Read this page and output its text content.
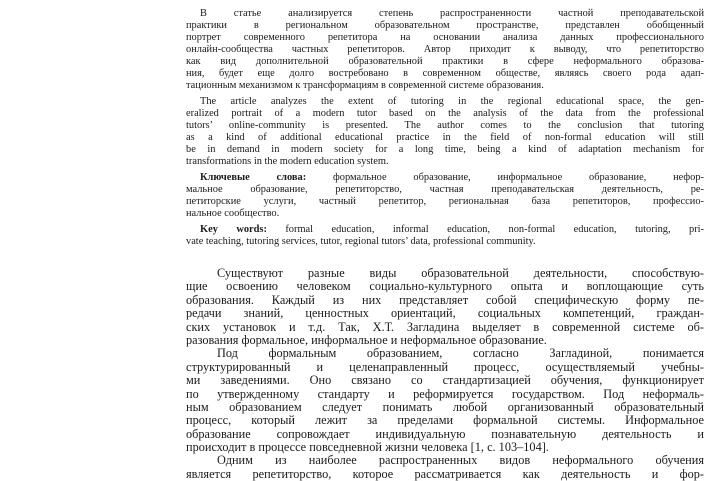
В статье анализируется степень распространенности частной преподавательской
практики в региональном образовательном пространстве, представлен обобщенный
портрет современного репетитора на основании анализа данных профессионального
онлайн-сообщества частных репетиторов. Автор приходит к выводу, что репетиторство
как вид дополнительной образовательной практики в сфере неформального образова-
ния, будет еще долго востребовано в современном обществе, являясь своего рода адап-
тационным механизмом к трансформациям в современной системе образования.
The article analyzes the extent of tutoring in the regional educational space, the gen-
eralized portrait of a modern tutor based on the analysis of the data from the professional
tutors’ online-community is presented. The author comes to the conclusion that tutoring
as a kind of additional educational practice in the field of non-formal education will still
be in demand in modern society for a long time, being a kind of adaptation mechanism for
transformations in the modern education system.
Ключевые слова: формальное образование, информальное образование, нефор-
мальное образование, репетиторство, частная преподавательская деятельность, ре-
петиторские услуги, частный репетитор, региональная база репетиторов, профессио-
нальное сообщество.
Key words: formal education, informal education, non-formal education, tutoring, pri-
vate teaching, tutoring services, tutor, regional tutors’ data, professional community.
Существуют разные виды образовательной деятельности, способствую-
щие освоению человеком социально-культурного опыта и воплощающие суть
образования. Каждый из них представляет собой специфическую форму пе-
редачи знаний, ценностных ориентаций, социальных компетенций, граждан-
ских установок и т.д. Так, Х.Т. Загладина выделяет в современной системе об-
разования формальное, информальное и неформальное образование.
Под формальным образованием, согласно Загладиной, понимается
структурированный и целенаправленный процесс, осуществляемый учебны-
ми заведениями. Оно связано со стандартизацией обучения, функционирует
по утвержденному стандарту и реформируется государством. Под неформаль-
ным образованием следует понимать любой организованный образовательный
процесс, который лежит за пределами формальной системы. Информальное
образование сопровождает индивидуальную познавательную деятельность и
происходит в процессе повседневной жизни человека [1, с. 103–104].
Одним из наиболее распространенных видов неформального обучения
является репетиторство, которое рассматривается как деятельность и фор-
